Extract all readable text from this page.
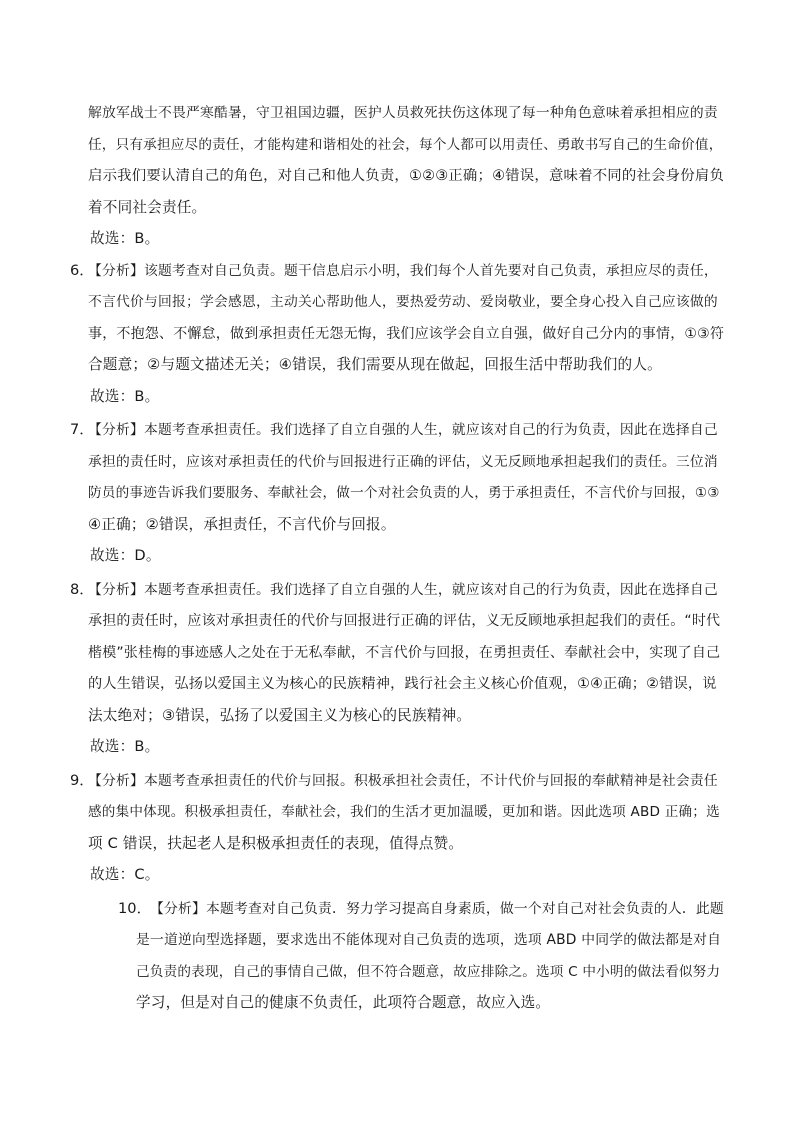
解放军战士不畏严寒酷暑，守卫祖国边疆，医护人员救死扶伤这体现了每一种角色意味着承担相应的责
任，只有承担应尽的责任，才能构建和谐相处的社会，每个人都可以用责任、勇敢书写自己的生命价值，
启示我们要认清自己的角色，对自己和他人负责，①②③正确；④错误，意味着不同的社会身份肩负
着不同社会责任。
故选：B。
6．
【分析】该题考查对自己负责。题干信息启示小明，我们每个人首先要对自己负责，承担应尽的责任，
不言代价与回报；学会感恩，主动关心帮助他人，要热爱劳动、爱岗敬业，要全身心投入自己应该做的
事，不抱怨、不懈怠，做到承担责任无怨无悔，我们应该学会自立自强，做好自己分内的事情，①③符
合题意；②与题文描述无关；④错误，我们需要从现在做起，回报生活中帮助我们的人。
故选：B。
7．
【分析】本题考查承担责任。我们选择了自立自强的人生，就应该对自己的行为负责，因此在选择自己
承担的责任时，应该对承担责任的代价与回报进行正确的评估，义无反顾地承担起我们的责任。三位消
防员的事迹告诉我们要服务、奉献社会，做一个对社会负责的人，勇于承担责任，不言代价与回报，①③
④正确；②错误，承担责任，不言代价与回报。
故选：D。
8．
【分析】本题考查承担责任。我们选择了自立自强的人生，就应该对自己的行为负责，因此在选择自己
承担的责任时，应该对承担责任的代价与回报进行正确的评估，义无反顾地承担起我们的责任。“时代
楷模”张桂梅的事迹感人之处在于无私奉献，不言代价与回报，在勇担责任、奉献社会中，实现了自己
的人生错误，弘扬以爱国主义为核心的民族精神，践行社会主义核心价值观，①④正确；②错误，说
法太绝对；③错误，弘扬了以爱国主义为核心的民族精神。
故选：B。
9．
【分析】本题考查承担责任的代价与回报。积极承担社会责任，不计代价与回报的奉献精神是社会责任
感的集中体现。积极承担责任，奉献社会，我们的生活才更加温暖，更加和谐。因此选项 ABD 正确；选
项 C 错误，扶起老人是积极承担责任的表现，值得点赞。
故选：C。
10．
【分析】本题考查对自己负责．努力学习提高自身素质，做一个对自己对社会负责的人．此题
是一道逆向型选择题，要求选出不能体现对自己负责的选项，选项 ABD 中同学的做法都是对自
己负责的表现，自己的事情自己做，但不符合题意，故应排除之。选项 C 中小明的做法看似努力
学习，但是对自己的健康不负责任，此项符合题意，故应入选。
